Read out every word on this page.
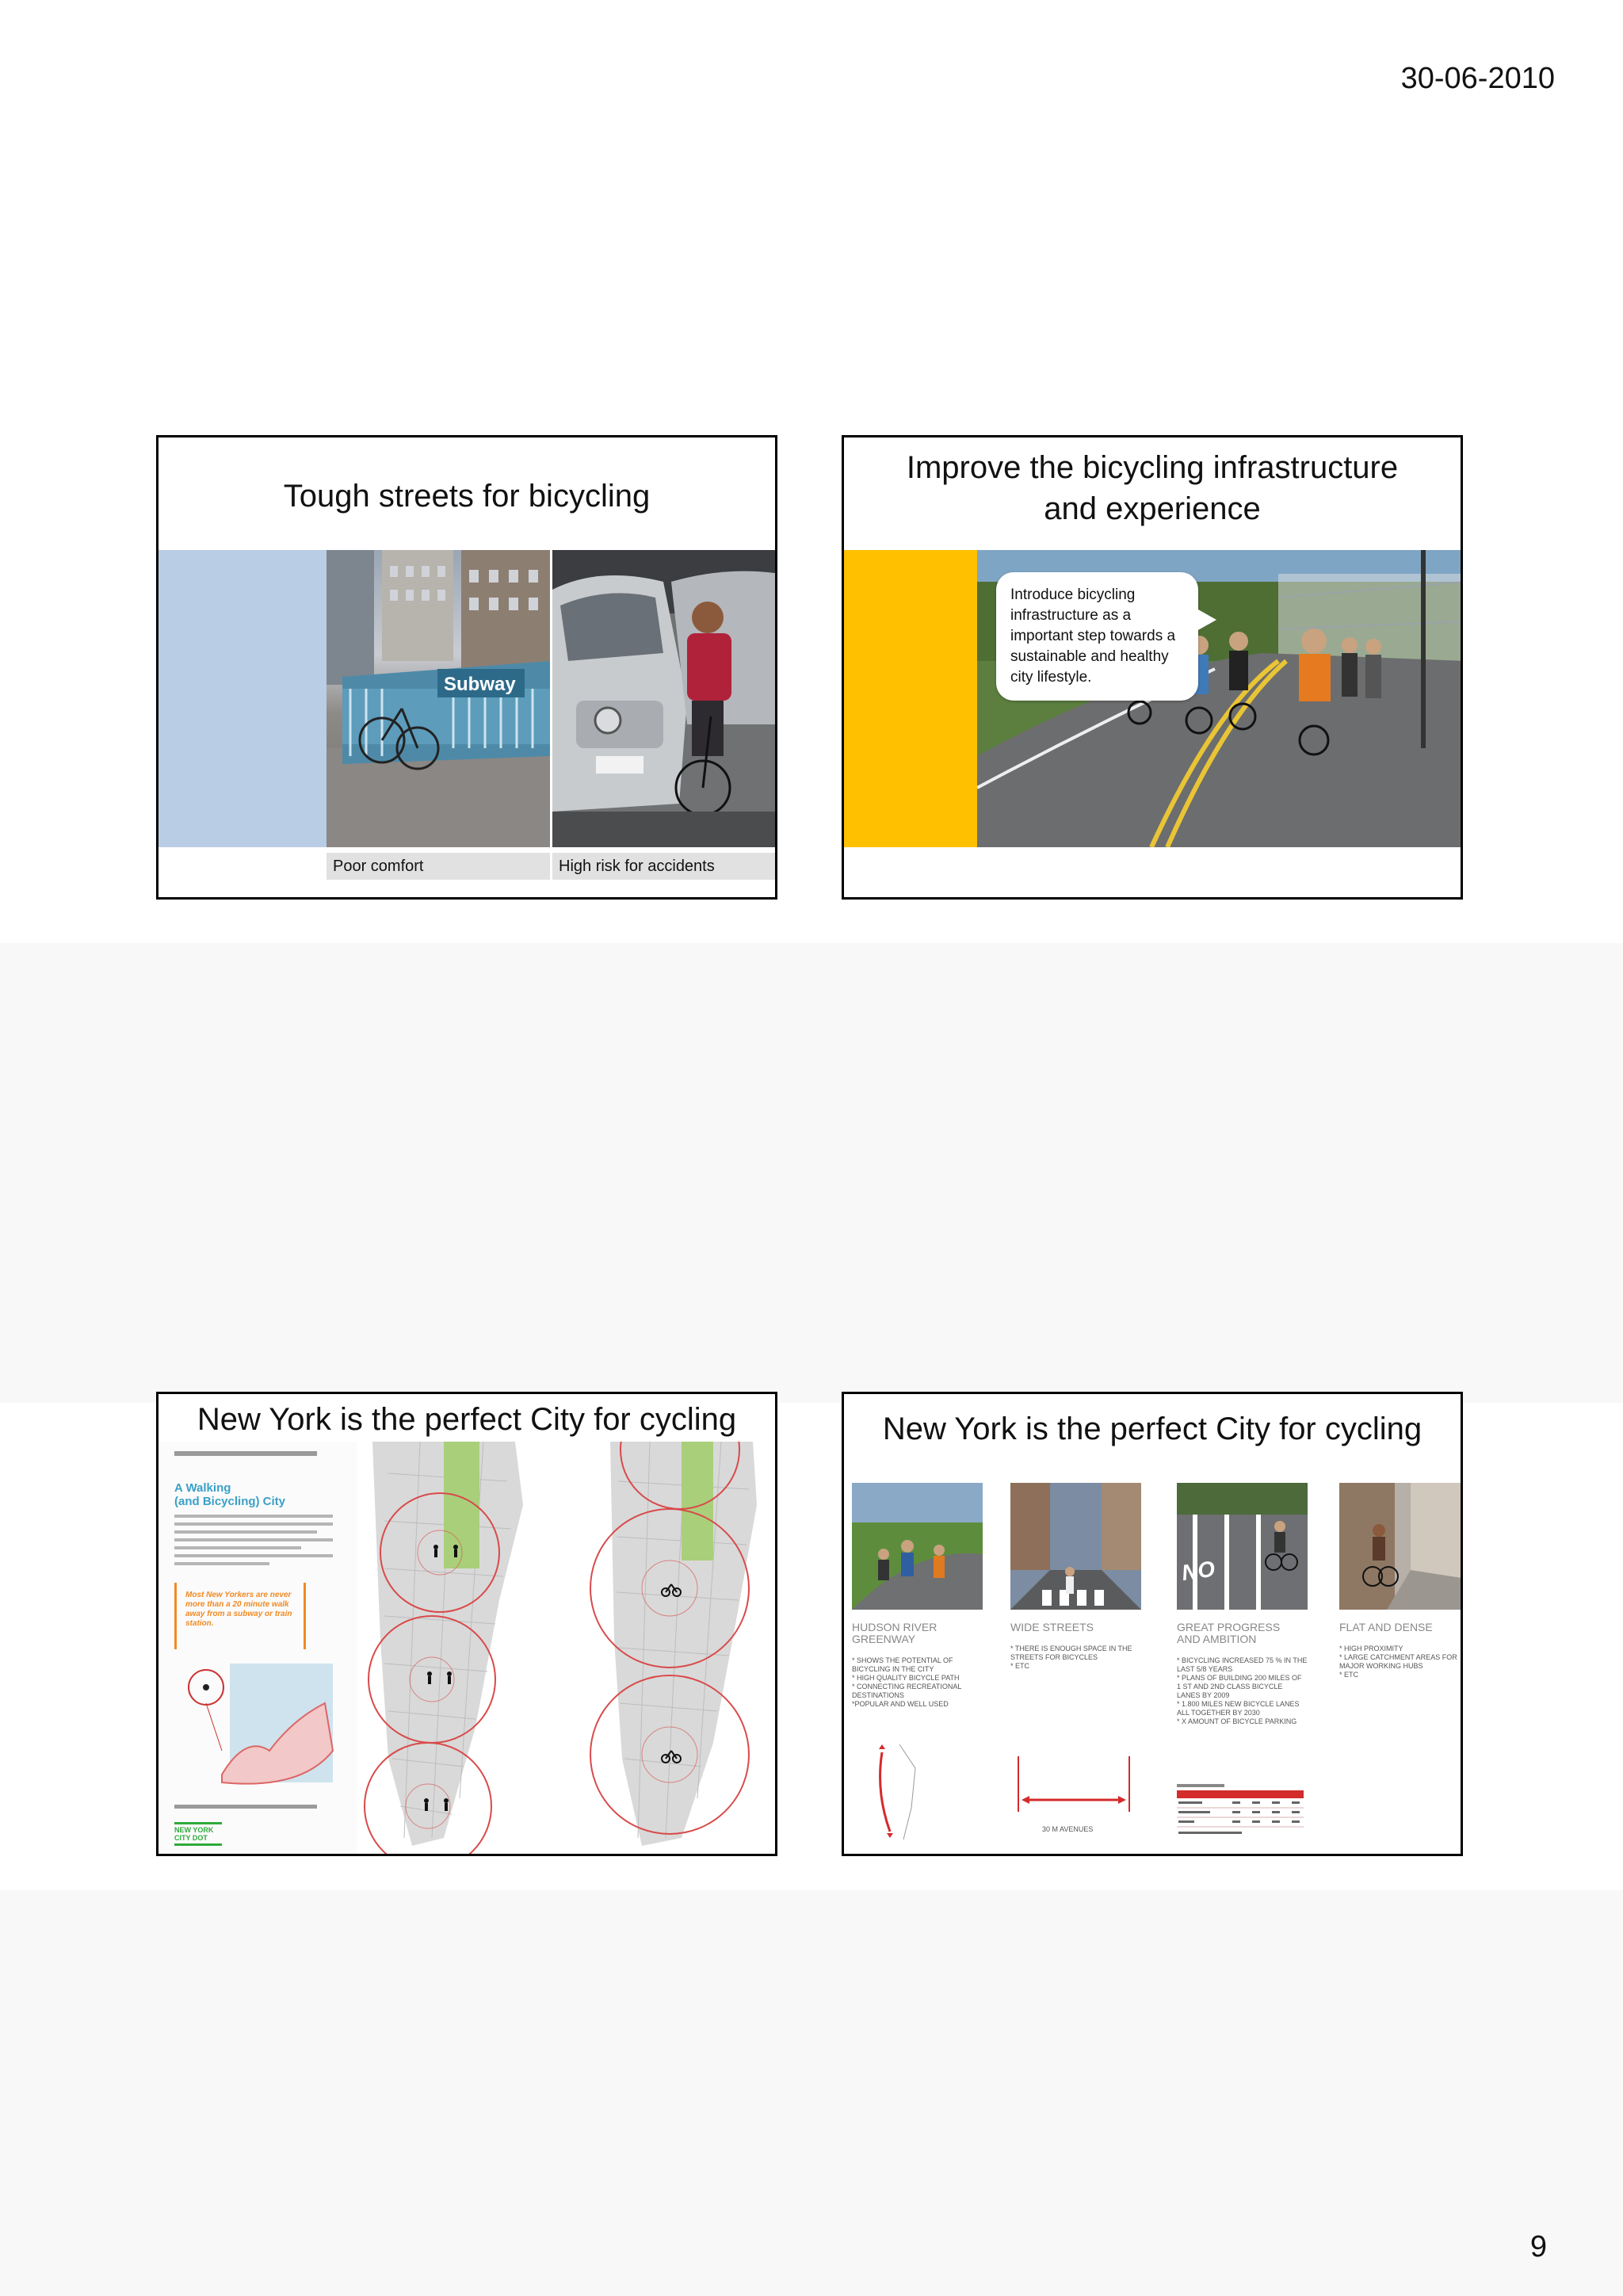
30-06-2010
Tough streets for bicycling
Subway
Poor comfort	High risk for accidents
Improve the bicycling infrastructure
and experience
Introduce bicycling infrastructure as a important step towards a sustainable and healthy city lifestyle.
New York is the perfect City for cycling
A Walking
(and Bicycling) City
Most New Yorkers are never more than a 20 minute walk away from a subway or train station.
NEW YORK CITY DOT
New York is the perfect City for cycling
HUDSON RIVER
GREENWAY
* SHOWS THE POTENTIAL OF BICYCLING IN THE CITY
* HIGH QUALITY BICYCLE PATH
* CONNECTING RECREATIONAL DESTINATIONS
*POPULAR AND WELL USED
WIDE STREETS
* THERE IS ENOUGH SPACE IN THE STREETS FOR BICYCLES
* ETC
30 M AVENUES
NO
GREAT PROGRESS
AND AMBITION
* BICYCLING INCREASED 75 % IN THE LAST 5/8 YEARS
* PLANS OF BUILDING 200 MILES OF 1 ST AND 2ND CLASS BICYCLE LANES BY 2009
* 1.800 MILES NEW BICYCLE LANES ALL TOGETHER BY 2030
* X AMOUNT OF BICYCLE PARKING
FLAT AND DENSE
* HIGH PROXIMITY
* LARGE CATCHMENT AREAS FOR MAJOR WORKING HUBS
* ETC
9
